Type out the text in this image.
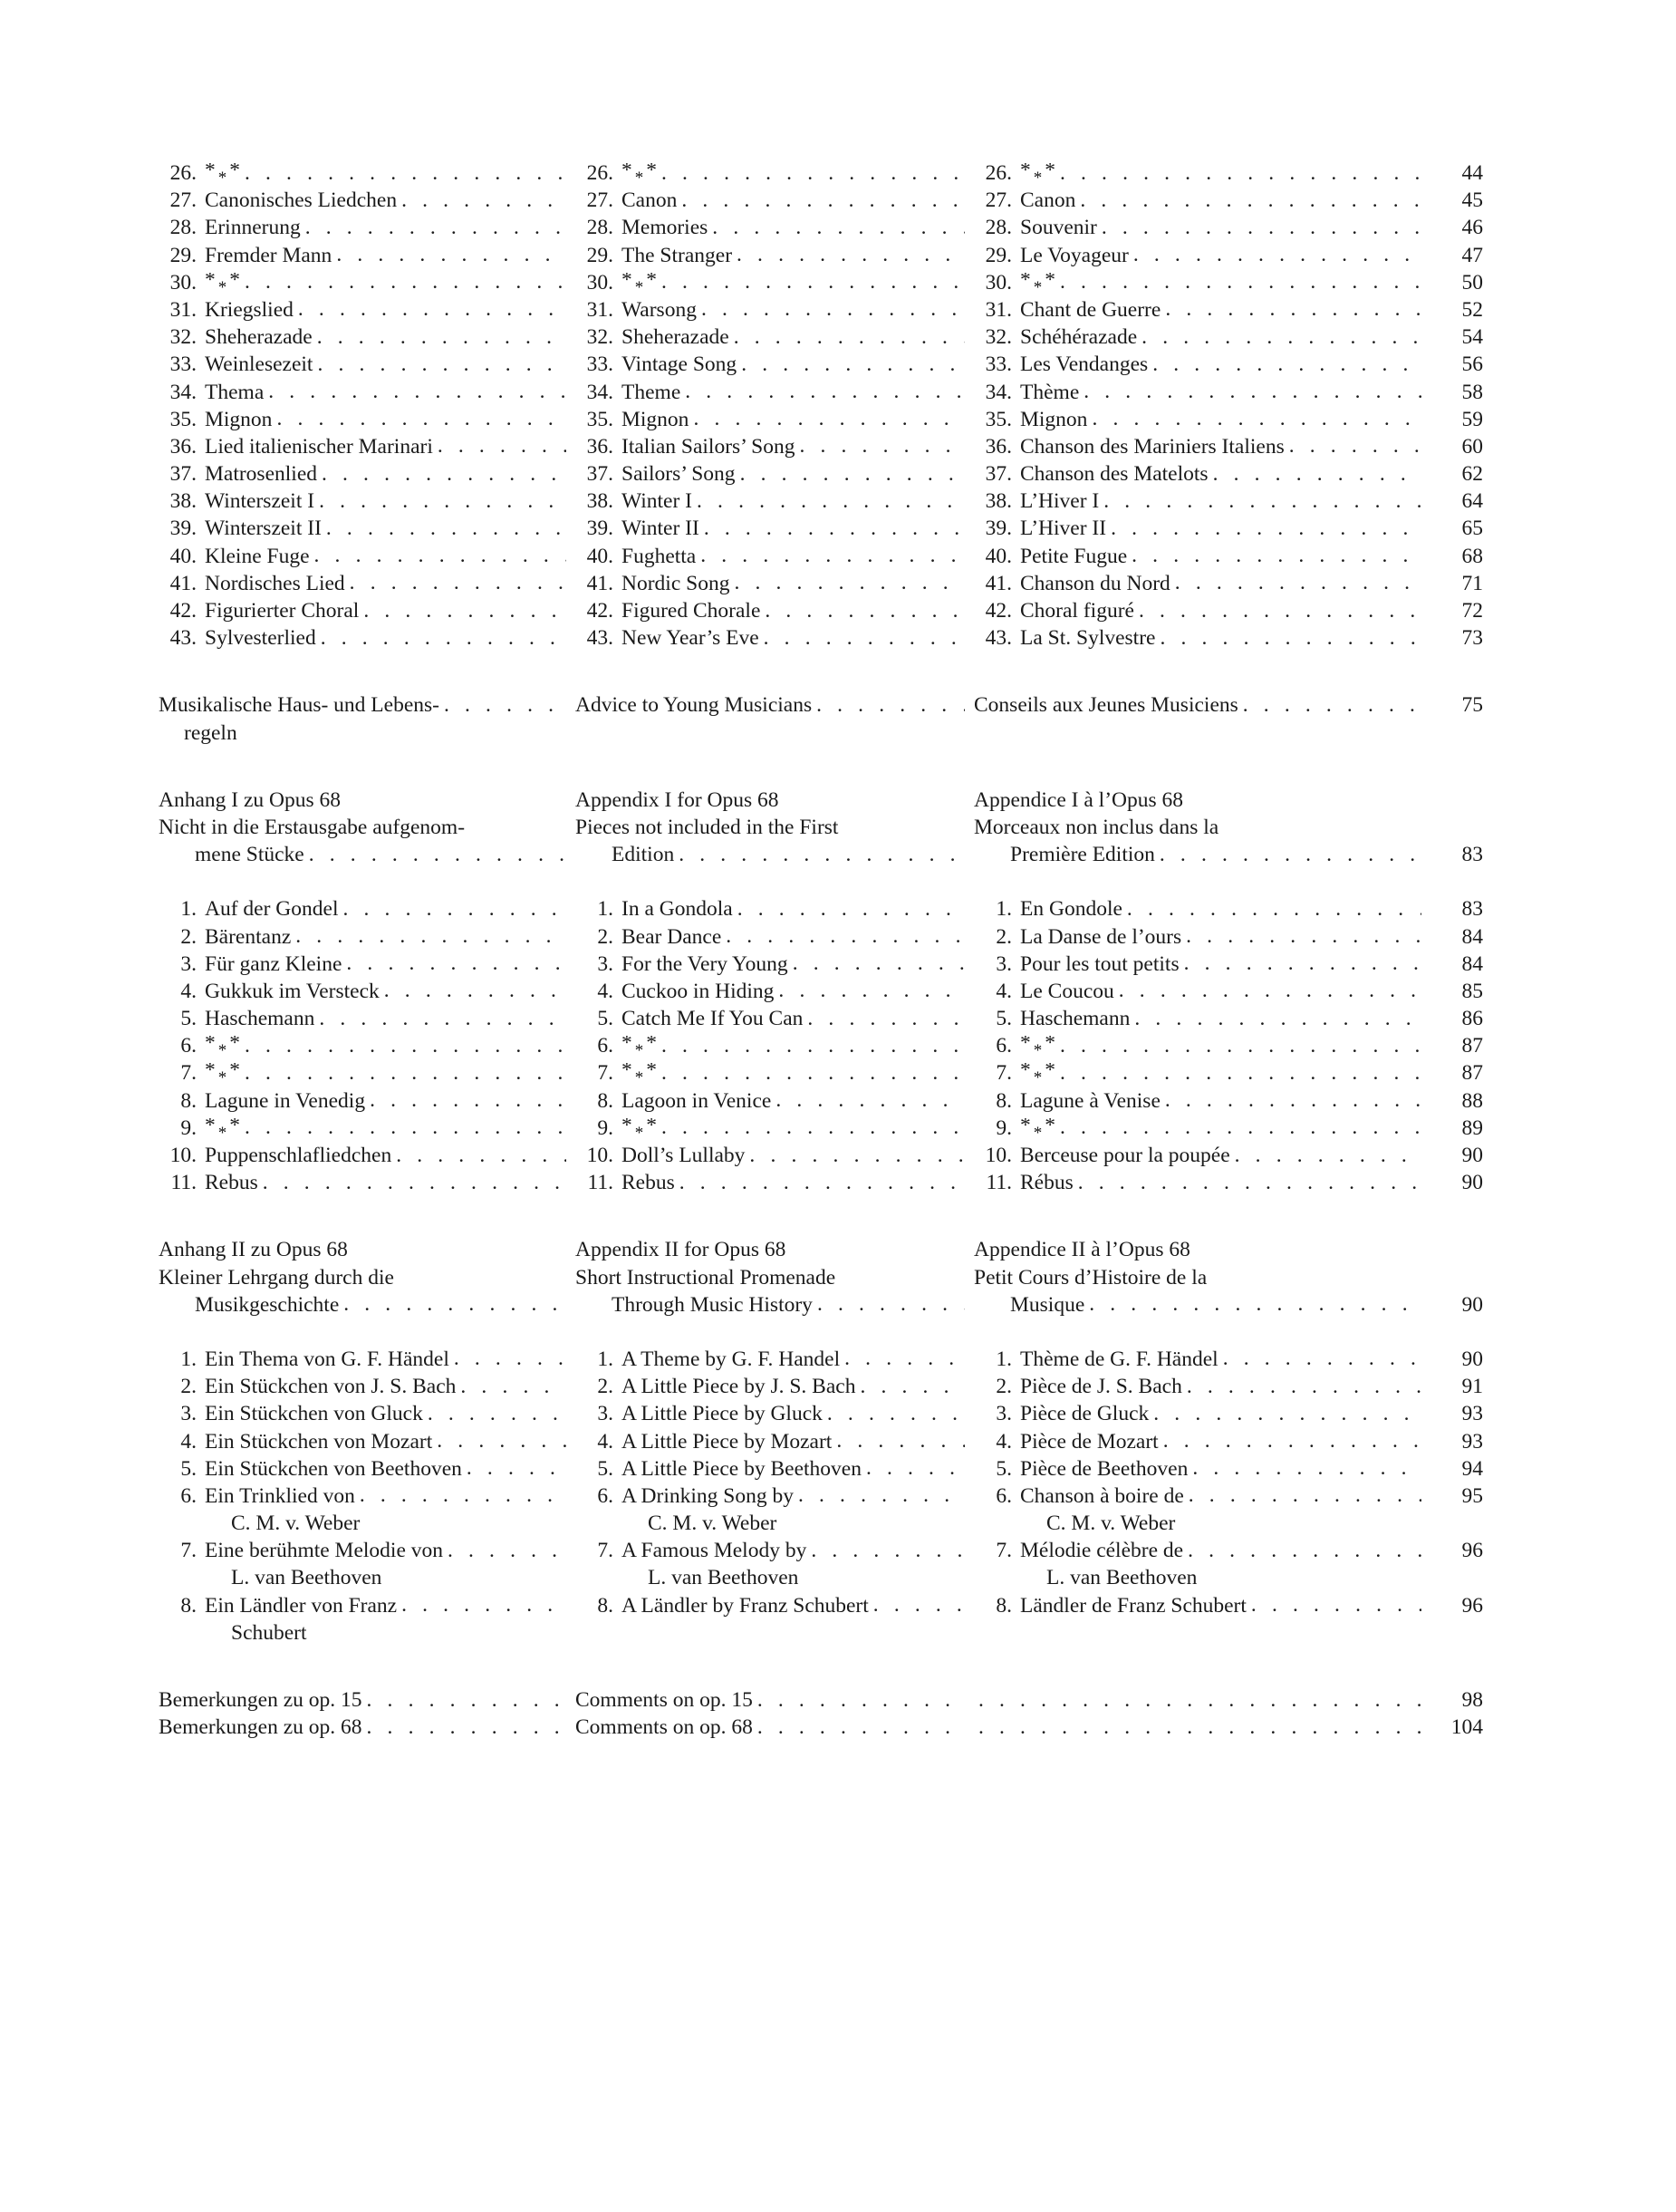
26. * * * . . .	26. * * * . . .	26. * * * . . .	44
27. Canonisches Liedchen . . .	27. Canon . . .	27. Canon . . .	45
28. Erinnerung . . .	28. Memories . . .	28. Souvenir . . .	46
29. Fremder Mann . . .	29. The Stranger . . .	29. Le Voyageur . . .	47
30. * * * . . .	30. * * * . . .	30. * * * . . .	50
31. Kriegslied . . .	31. Warsong . . .	31. Chant de Guerre . . .	52
32. Sheherazade . . .	32. Sheherazade . . .	32. Schéhérazade . . .	54
33. Weinlesezeit . . .	33. Vintage Song . . .	33. Les Vendanges . . .	56
34. Thema . . .	34. Theme . . .	34. Thème . . .	58
35. Mignon . . .	35. Mignon . . .	35. Mignon . . .	59
36. Lied italienischer Marinari . . .	36. Italian Sailors’ Song . . .	36. Chanson des Mariniers Italiens . . .	60
37. Matrosenlied . . .	37. Sailors’ Song . . .	37. Chanson des Matelots . . .	62
38. Winterszeit I . . .	38. Winter I . . .	38. L’Hiver I . . .	64
39. Winterszeit II . . .	39. Winter II . . .	39. L’Hiver II . . .	65
40. Kleine Fuge . . .	40. Fughetta . . .	40. Petite Fugue . . .	68
41. Nordisches Lied . . .	41. Nordic Song . . .	41. Chanson du Nord . . .	71
42. Figurierter Choral . . .	42. Figured Chorale . . .	42. Choral figuré . . .	72
43. Sylvesterlied . . .	43. New Year’s Eve . . .	43. La St. Sylvestre . . .	73
Musikalische Haus- und Lebens- . . .	Advice to Young Musicians . . .	Conseils aux Jeunes Musiciens . . .	75
regeln
Anhang I zu Opus 68	Appendix I for Opus 68	Appendice I à l’Opus 68
Nicht in die Erstausgabe aufgenom-	Pieces not included in the First	Morceaux non inclus dans la
mene Stücke . . .	Edition . . .	Première Edition . . .	83
1. Auf der Gondel . . .	1. In a Gondola . . .	1. En Gondole . . .	83
2. Bärentanz . . .	2. Bear Dance . . .	2. La Danse de l’ours . . .	84
3. Für ganz Kleine . . .	3. For the Very Young . . .	3. Pour les tout petits . . .	84
4. Gukkuk im Versteck . . .	4. Cuckoo in Hiding . . .	4. Le Coucou . . .	85
5. Haschemann . . .	5. Catch Me If You Can . . .	5. Haschemann . . .	86
6. * * * . . .	6. * * * . . .	6. * * * . . .	87
7. * * * . . .	7. * * * . . .	7. * * * . . .	87
8. Lagune in Venedig . . .	8. Lagoon in Venice . . .	8. Lagune à Venise . . .	88
9. * * * . . .	9. * * * . . .	9. * * * . . .	89
10. Puppenschlafliedchen . . .	10. Doll’s Lullaby . . .	10. Berceuse pour la poupée . . .	90
11. Rebus . . .	11. Rebus . . .	11. Rébus . . .	90
Anhang II zu Opus 68	Appendix II for Opus 68	Appendice II à l’Opus 68
Kleiner Lehrgang durch die	Short Instructional Promenade	Petit Cours d’Histoire de la
Musikgeschichte . . .	Through Music History . . .	Musique . . .	90
1. Ein Thema von G. F. Händel . . .	1. A Theme by G. F. Handel . . .	1. Thème de G. F. Händel . . .	90
2. Ein Stückchen von J. S. Bach . . .	2. A Little Piece by J. S. Bach . . .	2. Pièce de J. S. Bach . . .	91
3. Ein Stückchen von Gluck . . .	3. A Little Piece by Gluck . . .	3. Pièce de Gluck . . .	93
4. Ein Stückchen von Mozart . . .	4. A Little Piece by Mozart . . .	4. Pièce de Mozart . . .	93
5. Ein Stückchen von Beethoven . . .	5. A Little Piece by Beethoven . . .	5. Pièce de Beethoven . . .	94
6. Ein Trinklied von . . .	6. A Drinking Song by . . .	6. Chanson à boire de . . .	95
C. M. v. Weber	C. M. v. Weber	C. M. v. Weber
7. Eine berühmte Melodie von . . .	7. A Famous Melody by . . .	7. Mélodie célèbre de . . .	96
L. van Beethoven	L. van Beethoven	L. van Beethoven
8. Ein Ländler von Franz . . .	8. A Ländler by Franz Schubert . . .	8. Ländler de Franz Schubert . . .	96
Schubert
Bemerkungen zu op. 15 . . .	Comments on op. 15 . . . . . .	98
Bemerkungen zu op. 68 . . .	Comments on op. 68 . . . . . .	104
